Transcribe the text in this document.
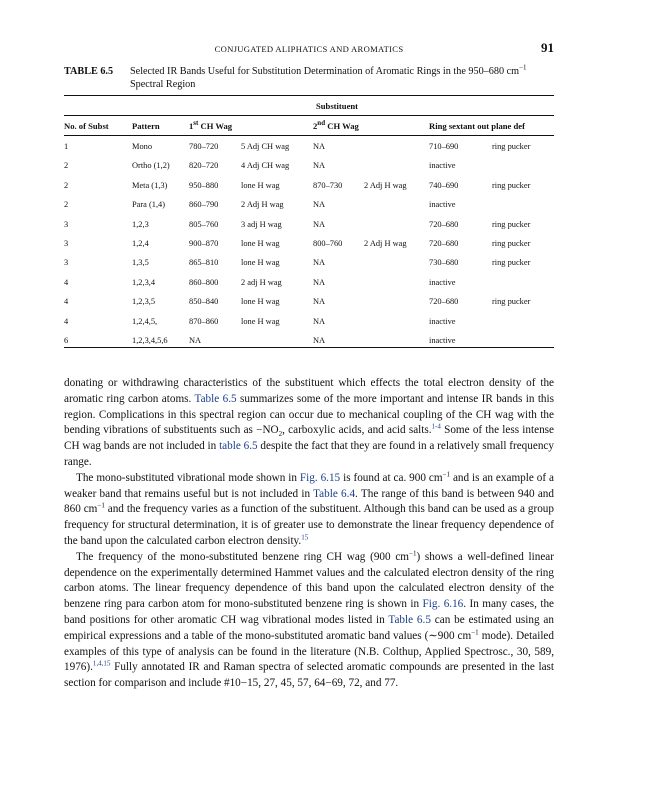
CONJUGATED ALIPHATICS AND AROMATICS	91
TABLE 6.5 Selected IR Bands Useful for Substitution Determination of Aromatic Rings in the 950–680 $cm^{-1}$
Spectral Region
Substituent
No. of Subst	Pattern	1st CH Wag	2nd CH Wag	Ring sextant out plane def
1	Mono	780–720	5 Adj CH wag	NA	710–690	ring pucker
2	Ortho (1,2) 820–720	4 Adj CH wag	NA	inactive
2	Meta (1,3)	950–880	lone H wag	870–730	2 Adj H wag	740–690	ring pucker
2	Para (1,4)	860–790	2 Adj H wag	NA	inactive
3	1,2,3	805–760	3 adj H wag	NA	720–680	ring pucker
3	1,2,4	900–870	lone H wag	800–760	2 Adj H wag	720–680	ring pucker
3	1,3,5	865–810	lone H wag	NA	730–680	ring pucker
4	1,2,3,4	860–800	2 adj H wag	NA	inactive
4	1,2,3,5	850–840	lone H wag	NA	720–680	ring pucker
4	1,2,4,5,	870–860	lone H wag	NA	inactive
6	1,2,3,4,5,6	NA	NA	inactive

donating or withdrawing characteristics of the substituent which effects the total electron density of the aromatic ring carbon atoms. Table 6.5 summarizes some of the more important and intense IR bands in this region. Complications in this spectral region can occur due to mechanical coupling of the CH wag with the bending vibrations of substituents such as $-NO_2$, carboxylic acids, and acid salts.$^{1-4}$ Some of the less intense CH wag bands are not included in table 6.5 despite the fact that they are found in a relatively small frequency range.

The mono-substituted vibrational mode shown in Fig. 6.15 is found at ca. 900 $cm^{-1}$ and is an example of a weaker band that remains useful but is not included in Table 6.4. The range of this band is between 940 and 860 $cm^{-1}$ and the frequency varies as a function of the substituent. Although this band can be used as a group frequency for structural determination, it is of greater use to demonstrate the linear frequency dependence of the band upon the calculated carbon electron density.$^{15}$

The frequency of the mono-substituted benzene ring CH wag (900 $cm^{-1}$) shows a well-defined linear dependence on the experimentally determined Hammet values and the calculated electron density of the ring carbon atoms. The linear frequency dependence of this band upon the calculated electron density of the benzene ring para carbon atom for mono-substituted benzene ring is shown in Fig. 6.16. In many cases, the band positions for other aromatic CH wag vibrational modes listed in Table 6.5 can be estimated using an empirical expressions and a table of the mono-substituted aromatic band values (∼900 $cm^{-1}$ mode). Detailed examples of this type of analysis can be found in the literature (N.B. Colthup, Applied Spectrosc., 30, 589, 1976).$^{1,4,15}$ Fully annotated IR and Raman spectra of selected aromatic compounds are presented in the last section for comparison and include #10−15, 27, 45, 57, 64−69, 72, and 77.
